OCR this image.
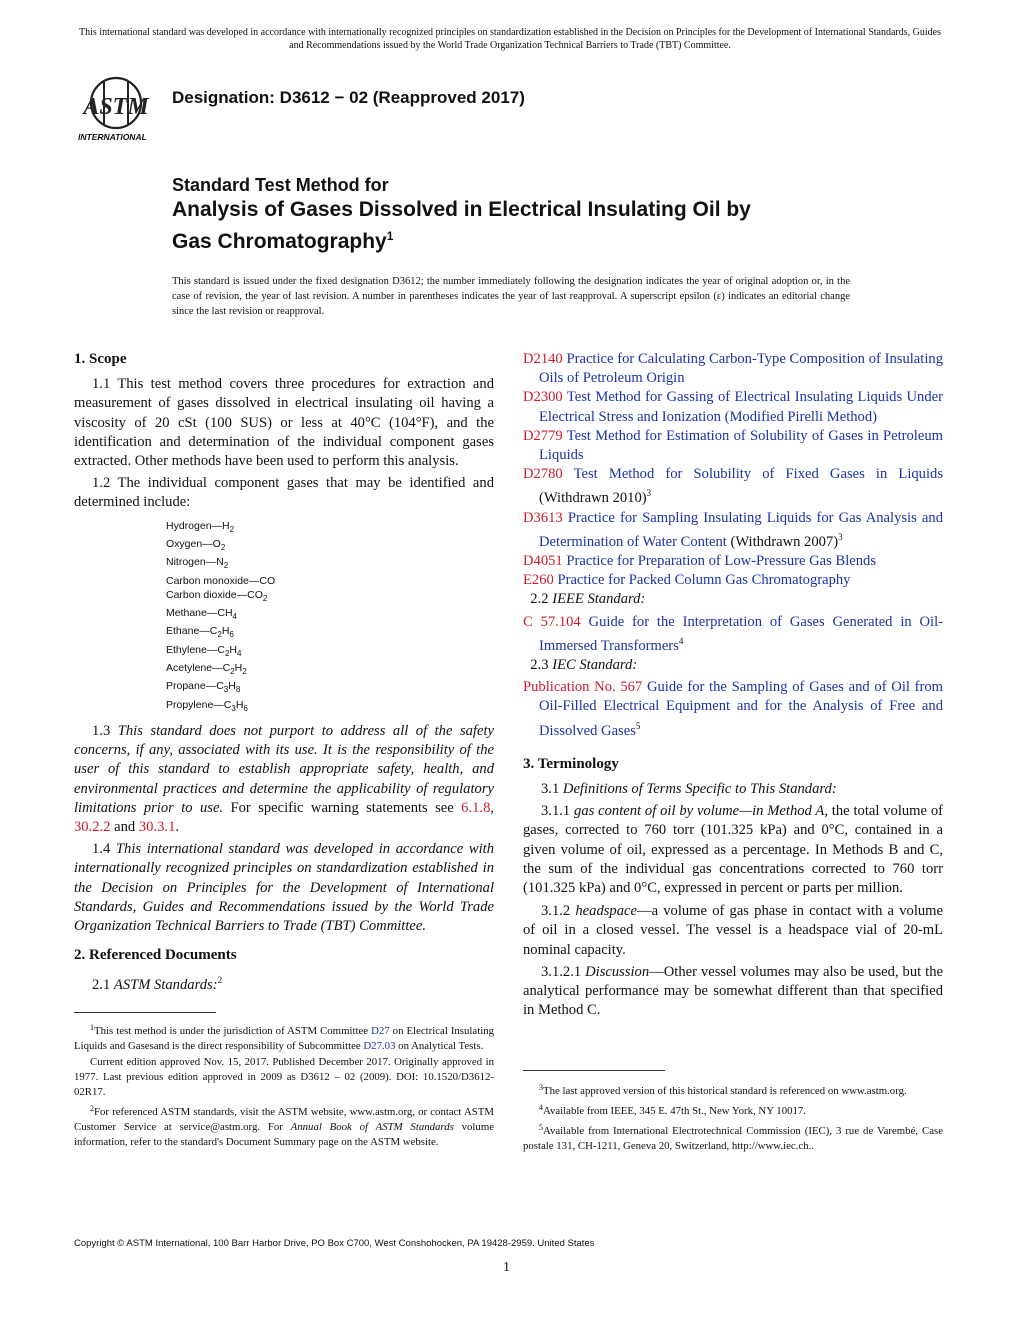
This international standard was developed in accordance with internationally recognized principles on standardization established in the Decision on Principles for the Development of International Standards, Guides and Recommendations issued by the World Trade Organization Technical Barriers to Trade (TBT) Committee.
ASTM
INTERNATIONAL
Designation: D3612 − 02 (Reapproved 2017)
Standard Test Method for
Analysis of Gases Dissolved in Electrical Insulating Oil by
Gas Chromatography$^1$
This standard is issued under the fixed designation D3612; the number immediately following the designation indicates the year of original adoption or, in the case of revision, the year of last revision. A number in parentheses indicates the year of last reapproval. A superscript epsilon (ε) indicates an editorial change since the last revision or reapproval.
1. Scope

1.1 This test method covers three procedures for extraction and measurement of gases dissolved in electrical insulating oil having a viscosity of 20 cSt (100 SUS) or less at 40°C (104°F), and the identification and determination of the individual component gases extracted. Other methods have been used to perform this analysis.

1.2 The individual component gases that may be identified and determined include:

$Hydrogen—H_2$
$Oxygen—O_2$
$Nitrogen—N_2$
Carbon monoxide—CO
Carbon $dioxide—CO_2$
$Methane—CH_4$
$Ethane—C_2H_6$
$Ethylene—C_2H_4$
$Acetylene—C_2H_2$
$Propane—C_3H_8$
$Propylene—C_3H_6$

1.3 This standard does not purport to address all of the safety concerns, if any, associated with its use. It is the responsibility of the user of this standard to establish appropriate safety, health, and environmental practices and determine the applicability of regulatory limitations prior to use. For specific warning statements see 6.1.8, 30.2.2 and 30.3.1.

1.4 This international standard was developed in accordance with internationally recognized principles on standardization established in the Decision on Principles for the Development of International Standards, Guides and Recommendations issued by the World Trade Organization Technical Barriers to Trade (TBT) Committee.

2. Referenced Documents

2.1 ASTM Standards:$^2$

D2140 Practice for Calculating Carbon-Type Composition of Insulating Oils of Petroleum Origin

D2300 Test Method for Gassing of Electrical Insulating Liquids Under Electrical Stress and Ionization (Modified Pirelli Method)

D2779 Test Method for Estimation of Solubility of Gases in Petroleum Liquids

D2780 Test Method for Solubility of Fixed Gases in Liquids (Withdrawn 2010)$^3$

D3613 Practice for Sampling Insulating Liquids for Gas Analysis and Determination of Water Content (Withdrawn 2007)$^3$

D4051 Practice for Preparation of Low-Pressure Gas Blends

E260 Practice for Packed Column Gas Chromatography

2.2 IEEE Standard:

C 57.104 Guide for the Interpretation of Gases Generated in Oil-Immersed Transformers$^4$

2.3 IEC Standard:

Publication No. 567 Guide for the Sampling of Gases and of Oil from Oil-Filled Electrical Equipment and for the Analysis of Free and Dissolved Gases$^5$

3. Terminology

3.1 Definitions of Terms Specific to This Standard:

3.1.1 gas content of oil by volume—in Method A, the total volume of gases, corrected to 760 torr (101.325 kPa) and 0°C, contained in a given volume of oil, expressed as a percentage. In Methods B and C, the sum of the individual gas concentrations corrected to 760 torr (101.325 kPa) and 0°C, expressed in percent or parts per million.

3.1.2 headspace—a volume of gas phase in contact with a volume of oil in a closed vessel. The vessel is a headspace vial of 20-mL nominal capacity.

3.1.2.1 Discussion—Other vessel volumes may also be used, but the analytical performance may be somewhat different than that specified in Method C.

$^1$This test method is under the jurisdiction of ASTM Committee D27 on Electrical Insulating Liquids and Gasesand is the direct responsibility of Subcommittee D27.03 on Analytical Tests.

Current edition approved Nov. 15, 2017. Published December 2017. Originally approved in 1977. Last previous edition approved in 2009 as D3612 – 02 (2009). DOI: 10.1520/D3612-02R17.

$^2$For referenced ASTM standards, visit the ASTM website, www.astm.org, or contact ASTM Customer Service at service@astm.org. For Annual Book of ASTM Standards volume information, refer to the standard's Document Summary page on the ASTM website.

$^3$The last approved version of this historical standard is referenced on www.astm.org.

$^4$Available from IEEE, 345 E. 47th St., New York, NY 10017.

$^5$Available from International Electrotechnical Commission (IEC), 3 rue de Varembé, Case postale 131, CH-1211, Geneva 20, Switzerland, http://www.iec.ch..

Copyright © ASTM International, 100 Barr Harbor Drive, PO Box C700, West Conshohocken, PA 19428-2959. United States
1
